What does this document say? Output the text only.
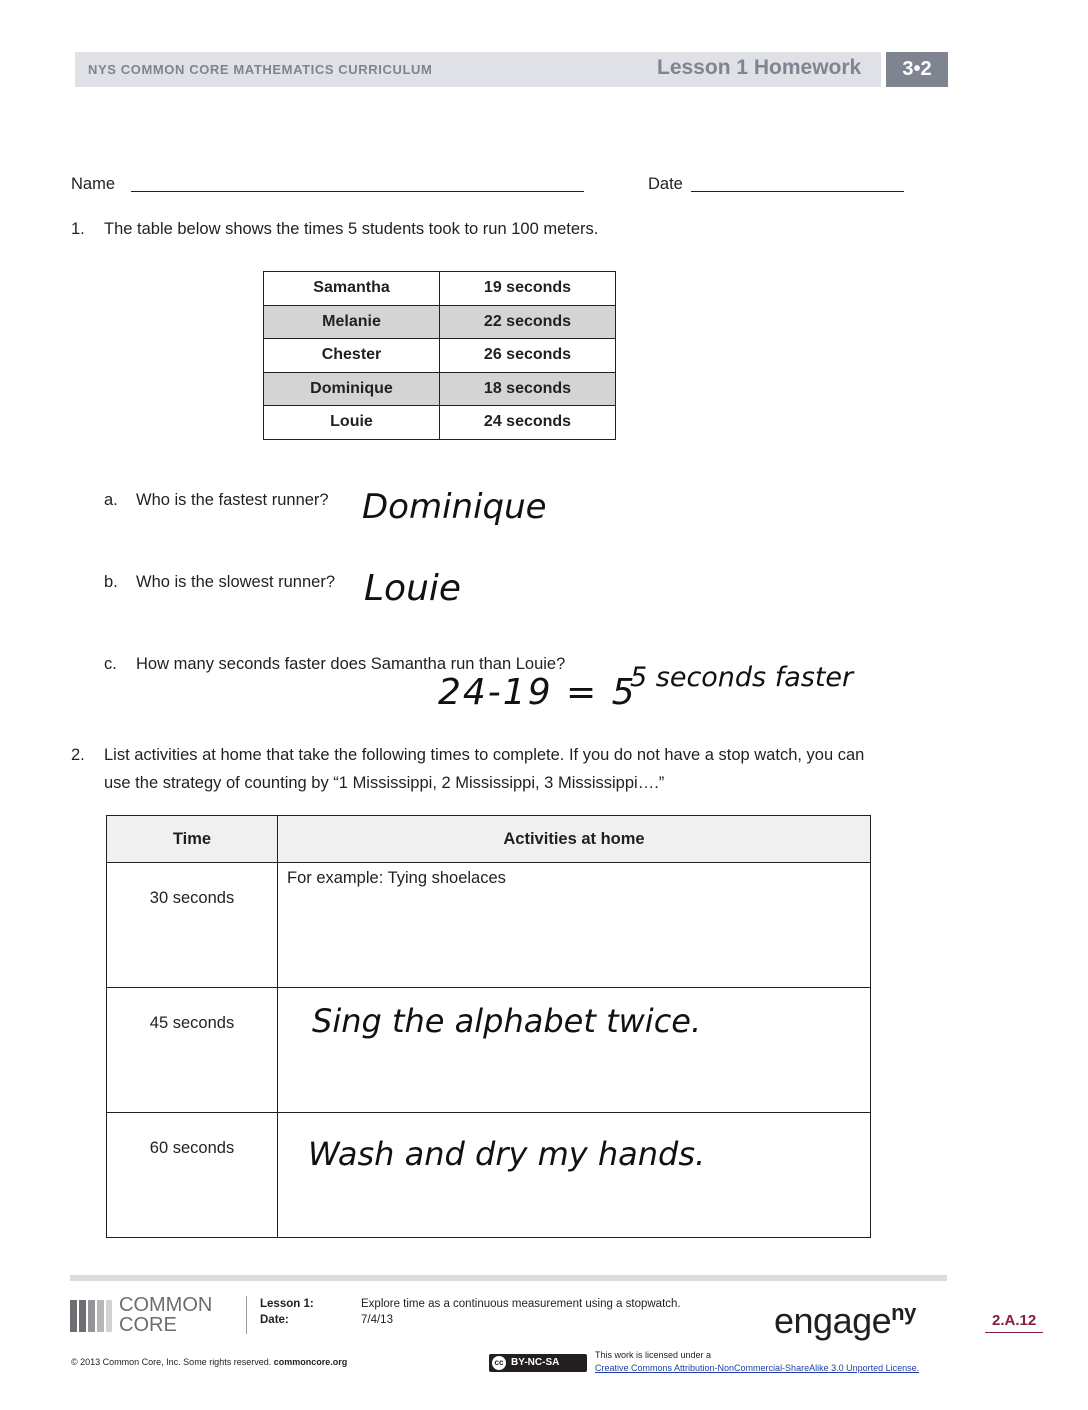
NYS COMMON CORE MATHEMATICS CURRICULUM	Lesson 1 Homework	3•2
Name	Date
1. The table below shows the times 5 students took to run 100 meters.
Samantha	19 seconds
Melanie	22 seconds
Chester	26 seconds
Dominique	18 seconds
Louie	24 seconds
a. Who is the fastest runner? Dominique
b. Who is the slowest runner? Louie
c. How many seconds faster does Samantha run than Louie?
24-19 = 5
5 seconds faster
2. List activities at home that take the following times to complete. If you do not have a stop watch, you can
use the strategy of counting by “1 Mississippi, 2 Mississippi, 3 Mississippi….”
Time	Activities at home
30 seconds	For example: Tying shoelaces
45 seconds	Sing the alphabet twice.

60 seconds	Wash and dry my hands.
COMMON
CORE
Lesson 1:
Date:
Explore time as a continuous measurement using a stopwatch.
7/4/13	engage$^{ny}$	2.A.12
© 2013 Common Core, Inc. Some rights reserved. commoncore.org	cc BY-NC-SA
This work is licensed under a
Creative Commons Attribution-NonCommercial-ShareAlike 3.0 Unported License.
